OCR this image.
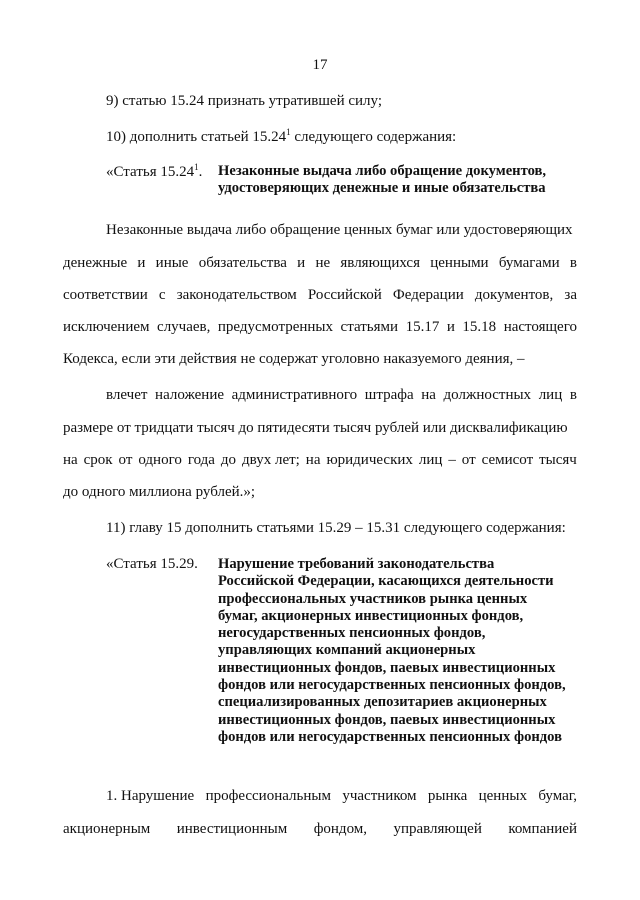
17
9) статью 15.24 признать утратившей силу;
10) дополнить статьей 15.24$^1$ следующего содержания:
«Статья 15.24$^1$. Незаконные выдача либо обращение документов,
удостоверяющих денежные и иные обязательства
Незаконные выдача либо обращение ценных бумаг или удостоверяющих
денежные и иные обязательства и не являющихся ценными бумагами в
соответствии с законодательством Российской Федерации документов, за
исключением случаев, предусмотренных статьями 15.17 и 15.18 настоящего
Кодекса, если эти действия не содержат уголовно наказуемого деяния, –
влечет наложение административного штрафа на должностных лиц в
размере от тридцати тысяч до пятидесяти тысяч рублей или дисквалификацию
на срок от одного года до двух лет; на юридических лиц – от семисот тысяч
до одного миллиона рублей.»;
11) главу 15 дополнить статьями 15.29 – 15.31 следующего содержания:
«Статья 15.29. Нарушение требований законодательства
Российской Федерации, касающихся деятельности
профессиональных участников рынка ценных
бумаг, акционерных инвестиционных фондов,
негосударственных пенсионных фондов,
управляющих компаний акционерных
инвестиционных фондов, паевых инвестиционных
фондов или негосударственных пенсионных фондов,
специализированных депозитариев акционерных
инвестиционных фондов, паевых инвестиционных
фондов или негосударственных пенсионных фондов
1. Нарушение профессиональным участником рынка ценных бумаг,
акционерным инвестиционным фондом, управляющей компанией
